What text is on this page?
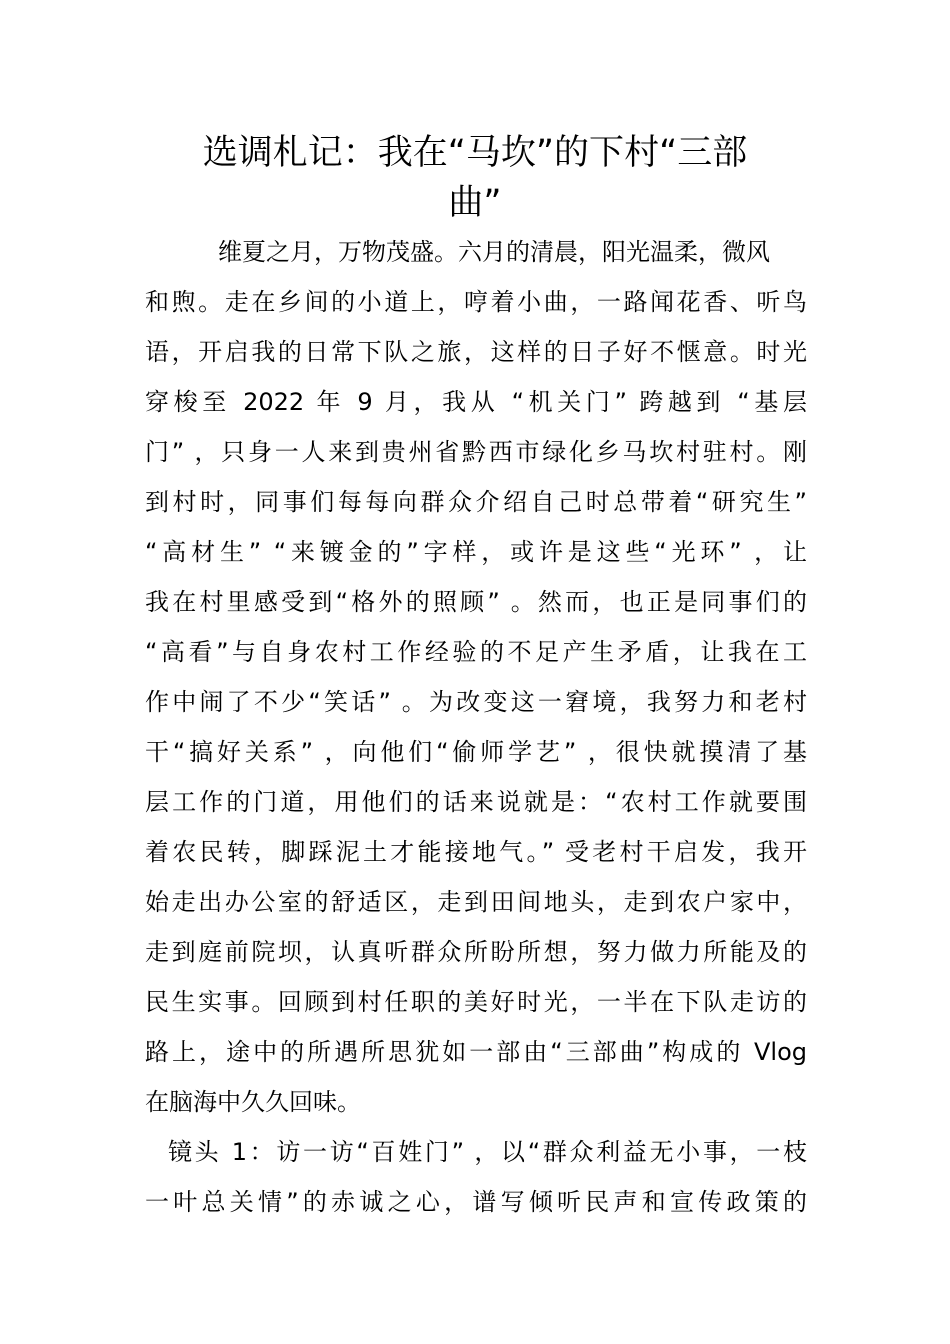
选调札记：我在“马坎”的下村“三部
曲”
维夏之月，万物茂盛。六月的清晨，阳光温柔，微风
和煦。走在乡间的小道上，哼着小曲，一路闻花香、听鸟
语，开启我的日常下队之旅，这样的日子好不惬意。时光
穿梭至 2022 年 9 月，我从 “机关门” 跨越到 “基层
门” ，只身一人来到贵州省黔西市绿化乡马坎村驻村。刚
到村时，同事们每每向群众介绍自己时总带着“研究生”
“高材生” “来镀金的”字样，或许是这些“光环” ，让
我在村里感受到“格外的照顾” 。然而，也正是同事们的
“高看”与自身农村工作经验的不足产生矛盾，让我在工
作中闹了不少“笑话” 。为改变这一窘境，我努力和老村
干“搞好关系” ，向他们“偷师学艺” ，很快就摸清了基
层工作的门道，用他们的话来说就是：“农村工作就要围
着农民转，脚踩泥土才能接地气。” 受老村干启发，我开
始走出办公室的舒适区，走到田间地头，走到农户家中，
走到庭前院坝，认真听群众所盼所想，努力做力所能及的
民生实事。回顾到村任职的美好时光，一半在下队走访的
路上，途中的所遇所思犹如一部由“三部曲”构成的 Vlog
在脑海中久久回味。
镜头 1：访一访“百姓门” ，以“群众利益无小事，一枝
一叶总关情”的赤诚之心，谱写倾听民声和宣传政策的
